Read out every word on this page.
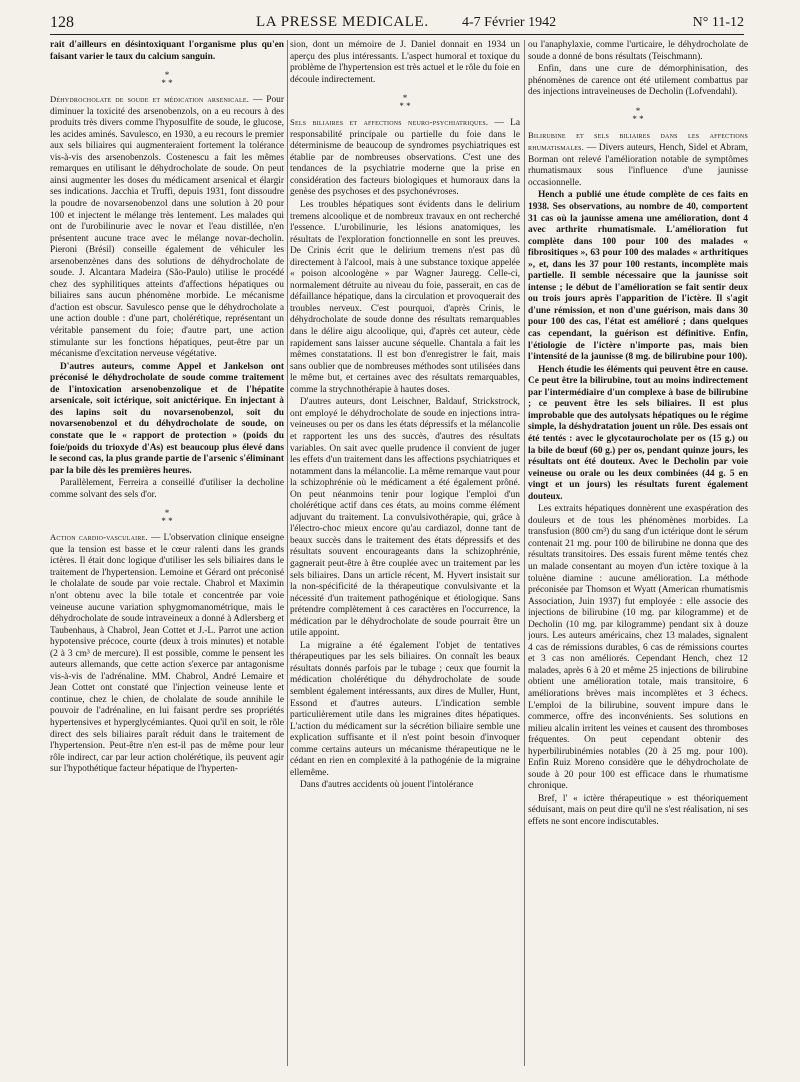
128	LA PRESSE MEDICALE. 4-7 Février 1942	N° 11-12

rait d'ailleurs en désintoxiquant l'organisme plus qu'en faisant varier le taux du calcium sanguin.

*
* *

Déhydrocholate de soude et médication arsenicale. — Pour diminuer la toxicité des arsenobenzols, on a eu recours à des produits très divers comme l'hyposulfite de soude, le glucose, les acides aminés. Savulesco, en 1930, a eu recours le premier aux sels biliaires qui augmenteraient fortement la tolérance vis-à-vis des arsenobenzols. Costenescu a fait les mêmes remarques en utilisant le déhydrocholate de soude. On peut ainsi augmenter les doses du médicament arsenical et élargir ses indications. Jacchia et Truffi, depuis 1931, font dissoudre la poudre de novarsenobenzol dans une solution à 20 pour 100 et injectent le mélange très lentement. Les malades qui ont de l'urobilinurie avec le novar et l'eau distillée, n'en présentent aucune trace avec le mélange novar-decholin. Pieroni (Brésil) conseille également de véhiculer les arsenobenzènes dans des solutions de déhydrocholate de soude. J. Alcantara Madeira (São-Paulo) utilise le procédé chez des syphilitiques atteints d'affections hépatiques ou biliaires sans aucun phénomène morbide. Le mécanisme d'action est obscur. Savulesco pense que le déhydrocholate a une action double : d'une part, cholérétique, représentant un véritable pansement du foie; d'autre part, une action stimulante sur les fonctions hépatiques, peut-être par un mécanisme d'excitation nerveuse végétative.

D'autres auteurs, comme Appel et Jankelson ont préconisé le déhydrocholate de soude comme traitement de l'intoxication arsenobenzolique et de l'hépatite arsenicale, soit ictérique, soit anictérique. En injectant à des lapins soit du novarsenobenzol, soit du novarsenobenzol et du déhydrocholate de soude, on constate que le « rapport de protection » (poids du foie/poids du trioxyde d'As) est beaucoup plus élevé dans le second cas, la plus grande partie de l'arsenic s'éliminant par la bile dès les premières heures.

Parallèlement, Ferreira a conseillé d'utiliser la decholine comme solvant des sels d'or.

*
* *

Action cardio-vasculaire. — L'observation clinique enseigne que la tension est basse et le cœur ralenti dans les grands ictères. Il était donc logique d'utiliser les sels biliaires dans le traitement de l'hypertension. Lemoine et Gérard ont préconisé le cholalate de soude par voie rectale. Chabrol et Maximin n'ont obtenu avec la bile totale et concentrée par voie veineuse aucune variation sphygmomanométrique, mais le déhydrocholate de soude intraveineux a donné à Adlersberg et Taubenhaus, à Chabrol, Jean Cottet et J.-L. Parrot une action hypotensive précoce, courte (deux à trois minutes) et notable (2 à 3 cm³ de mercure). Il est possible, comme le pensent les auteurs allemands, que cette action s'exerce par antagonisme vis-à-vis de l'adrénaline. MM. Chabrol, André Lemaire et Jean Cottet ont constaté que l'injection veineuse lente et continue, chez le chien, de cholalate de soude annihile le pouvoir de l'adrénaline, en lui faisant perdre ses propriétés hypertensives et hyperglycémiantes. Quoi qu'il en soit, le rôle direct des sels biliaires paraît réduit dans le traitement de l'hypertension. Peut-être n'en est-il pas de même pour leur rôle indirect, car par leur action cholérétique, ils peuvent agir sur l'hypothétique facteur hépatique de l'hyperten-

sion, dont un mémoire de J. Daniel donnait en 1934 un aperçu des plus intéressants. L'aspect humoral et toxique du problème de l'hypertension est très actuel et le rôle du foie en découle indirectement.

*
* *

Sels biliaires et affections neuro-psychiatriques. — La responsabilité principale ou partielle du foie dans le déterminisme de beaucoup de syndromes psychiatriques est établie par de nombreuses observations. C'est une des tendances de la psychiatrie moderne que la prise en considération des facteurs biologiques et humoraux dans la genèse des psychoses et des psychonévroses.

Les troubles hépatiques sont évidents dans le delirium tremens alcoolique et de nombreux travaux en ont recherché l'essence. L'urobilinurie, les lésions anatomiques, les résultats de l'exploration fonctionnelle en sont les preuves. De Crinis écrit que le delirium tremens n'est pas dû directement à l'alcool, mais à une substance toxique appelée « poison alcoologène » par Wagner Jauregg. Celle-ci, normalement détruite au niveau du foie, passerait, en cas de défaillance hépatique, dans la circulation et provoquerait des troubles nerveux. C'est pourquoi, d'après Crinis, le déhydrocholate de soude donne des résultats remarquables dans le délire aigu alcoolique, qui, d'après cet auteur, cède rapidement sans laisser aucune séquelle. Chantala a fait les mêmes constatations. Il est bon d'enregistrer le fait, mais sans oublier que de nombreuses méthodes sont utilisées dans le même but, et certaines avec des résultats remarquables, comme la strychnothérapie à hautes doses.

D'autres auteurs, dont Leischner, Baldauf, Strickstrock, ont employé le déhydrocholate de soude en injections intra-veineuses ou per os dans les états dépressifs et la mélancolie et rapportent les uns des succès, d'autres des résultats variables. On sait avec quelle prudence il convient de juger les effets d'un traitement dans les affections psychiatriques et notamment dans la mélancolie. La même remarque vaut pour la schizophrénie où le médicament a été également prôné. On peut néanmoins tenir pour logique l'emploi d'un cholérétique actif dans ces états, au moins comme élément adjuvant du traitement. La convulsivothérapie, qui, grâce à l'électro-choc mieux encore qu'au cardiazol, donne tant de beaux succès dans le traitement des états dépressifs et des résultats souvent encourageants dans la schizophrénie, gagnerait peut-être à être couplée avec un traitement par les sels biliaires. Dans un article récent, M. Hyvert insistait sur la non-spécificité de la thérapeutique convulsivante et la nécessité d'un traitement pathogénique et étiologique. Sans prétendre complètement à ces caractères en l'occurrence, la médication par le déhydrocholate de soude pourrait être un utile appoint.

La migraine a été également l'objet de tentatives thérapeutiques par les sels biliaires. On connaît les beaux résultats donnés parfois par le tubage ; ceux que fournit la médication cholérétique du déhydrocholate de soude semblent également intéressants, aux dires de Muller, Hunt, Essond et d'autres auteurs. L'indication semble particulièrement utile dans les migraines dites hépatiques. L'action du médicament sur la sécrétion biliaire semble une explication suffisante et il n'est point besoin d'invoquer comme certains auteurs un mécanisme thérapeutique ne le cédant en rien en complexité à la pathogénie de la migraine ellemême.

Dans d'autres accidents où jouent l'intolérance

ou l'anaphylaxie, comme l'urticaire, le déhydrocholate de soude a donné de bons résultats (Teischmann).

Enfin, dans une cure de démorphinisation, des phénomènes de carence ont été utilement combattus par des injections intraveineuses de Decholin (Lofvendahl).

*
* *

Bilirubine et sels biliaires dans les affections rhumatismales. — Divers auteurs, Hench, Sidel et Abram, Borman ont relevé l'amélioration notable de symptômes rhumatismaux sous l'influence d'une jaunisse occasionnelle.

Hench a publié une étude complète de ces faits en 1938. Ses observations, au nombre de 40, comportent 31 cas où la jaunisse amena une amélioration, dont 4 avec arthrite rhumatismale. L'amélioration fut complète dans 100 pour 100 des malades « fibrositiques », 63 pour 100 des malades « arthritiques », et, dans les 37 pour 100 restants, incomplète mais partielle. Il semble nécessaire que la jaunisse soit intense ; le début de l'amélioration se fait sentir deux ou trois jours après l'apparition de l'ictère. Il s'agit d'une rémission, et non d'une guérison, mais dans 30 pour 100 des cas, l'état est amélioré ; dans quelques cas cependant, la guérison est définitive. Enfin, l'étiologie de l'ictère n'importe pas, mais bien l'intensité de la jaunisse (8 mg. de bilirubine pour 100).

Hench étudie les éléments qui peuvent être en cause. Ce peut être la bilirubine, tout au moins indirectement par l'intermédiaire d'un complexe à base de bilirubine ; ce peuvent être les sels biliaires. Il est plus improbable que des autolysats hépatiques ou le régime simple, la déshydratation jouent un rôle. Des essais ont été tentés : avec le glycotaurocholate per os (15 g.) ou la bile de bœuf (60 g.) per os, pendant quinze jours, les résultats ont été douteux. Avec le Decholin par voie veineuse ou orale ou les deux combinées (44 g. 5 en vingt et un jours) les résultats furent également douteux.

Les extraits hépatiques donnèrent une exaspération des douleurs et de tous les phénomènes morbides. La transfusion (800 cm³) du sang d'un ictérique dont le sérum contenait 21 mg. pour 100 de bilirubine ne donna que des résultats transitoires. Des essais furent même tentés chez un malade consentant au moyen d'un ictère toxique à la toluène diamine : aucune amélioration. La méthode préconisée par Thomson et Wyatt (American rhumatismis Association, Juin 1937) fut employée : elle associe des injections de bilirubine (10 mg. par kilogramme) et de Decholin (10 mg. par kilogramme) pendant six à douze jours. Les auteurs américains, chez 13 malades, signalent 4 cas de rémissions durables, 6 cas de rémissions courtes et 3 cas non améliorés. Cependant Hench, chez 12 malades, après 6 à 20 et même 25 injections de bilirubine obtient une amélioration totale, mais transitoire, 6 améliorations brèves mais incomplètes et 3 échecs. L'emploi de la bilirubine, souvent impure dans le commerce, offre des inconvénients. Ses solutions en milieu alcalin irritent les veines et causent des thromboses fréquentes. On peut cependant obtenir des hyperbilirubinémies notables (20 à 25 mg. pour 100). Enfin Ruiz Moreno considère que le déhydrocholate de soude à 20 pour 100 est efficace dans le rhumatisme chronique.

Bref, l' « ictère thérapeutique » est théoriquement séduisant, mais on peut dire qu'il ne s'est réalisation, ni ses effets ne sont encore indiscutables.
